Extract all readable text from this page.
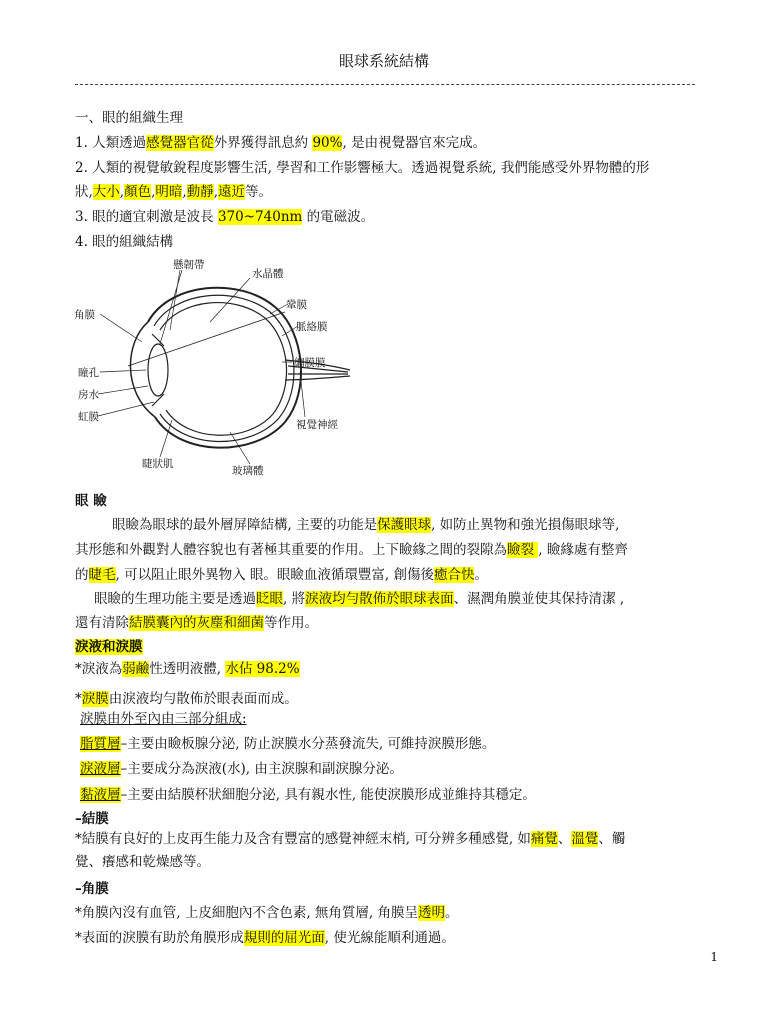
眼球系統結構
一、眼的組織生理
1. 人類透過感覺器官從外界獲得訊息約 90%, 是由視覺器官來完成。
2. 人類的視覺敏銳程度影響生活, 學習和工作影響極大。透過視覺系統, 我們能感受外界物體的形
狀,大小,顏色,明暗,動靜,遠近等。
3. 眼的適宜刺激是波長 370~740nm 的電磁波。
4. 眼的組織結構
懸韌帶
水晶體
角膜
鞏膜
脈絡膜
網膜膜
瞳孔
房水
虹膜
視覺神經
睫狀肌
玻璃體
眼 瞼
眼瞼為眼球的最外層屏障結構, 主要的功能是保護眼球, 如防止異物和強光損傷眼球等,
其形態和外觀對人體容貌也有著極其重要的作用。上下瞼緣之間的裂隙為瞼裂 , 瞼緣處有整齊
的睫毛, 可以阻止眼外異物入 眼。眼瞼血液循環豐富, 創傷後癒合快。
眼瞼的生理功能主要是透過眨眼, 將淚液均勻散佈於眼球表面、濕潤角膜並使其保持清潔 ,
還有清除結膜囊內的灰塵和細菌等作用。
淚液和淚膜
*淚液為弱鹼性透明液體, 水佔 98.2%
*淚膜由淚液均勻散佈於眼表面而成。
淚膜由外至內由三部分組成:
脂質層–主要由瞼板腺分泌, 防止淚膜水分蒸發流失, 可維持淚膜形態。
淚液層–主要成分為淚液(水), 由主淚腺和副淚腺分泌。
黏液層–主要由結膜杯狀細胞分泌, 具有親水性, 能使淚膜形成並維持其穩定。
–結膜
*結膜有良好的上皮再生能力及含有豐富的感覺神經末梢, 可分辨多種感覺, 如痛覺、溫覺、觸
覺、癢感和乾燥感等。
–角膜
*角膜內沒有血管, 上皮細胞內不含色素, 無角質層, 角膜呈透明。
*表面的淚膜有助於角膜形成規則的屈光面, 使光線能順利通過。
1
